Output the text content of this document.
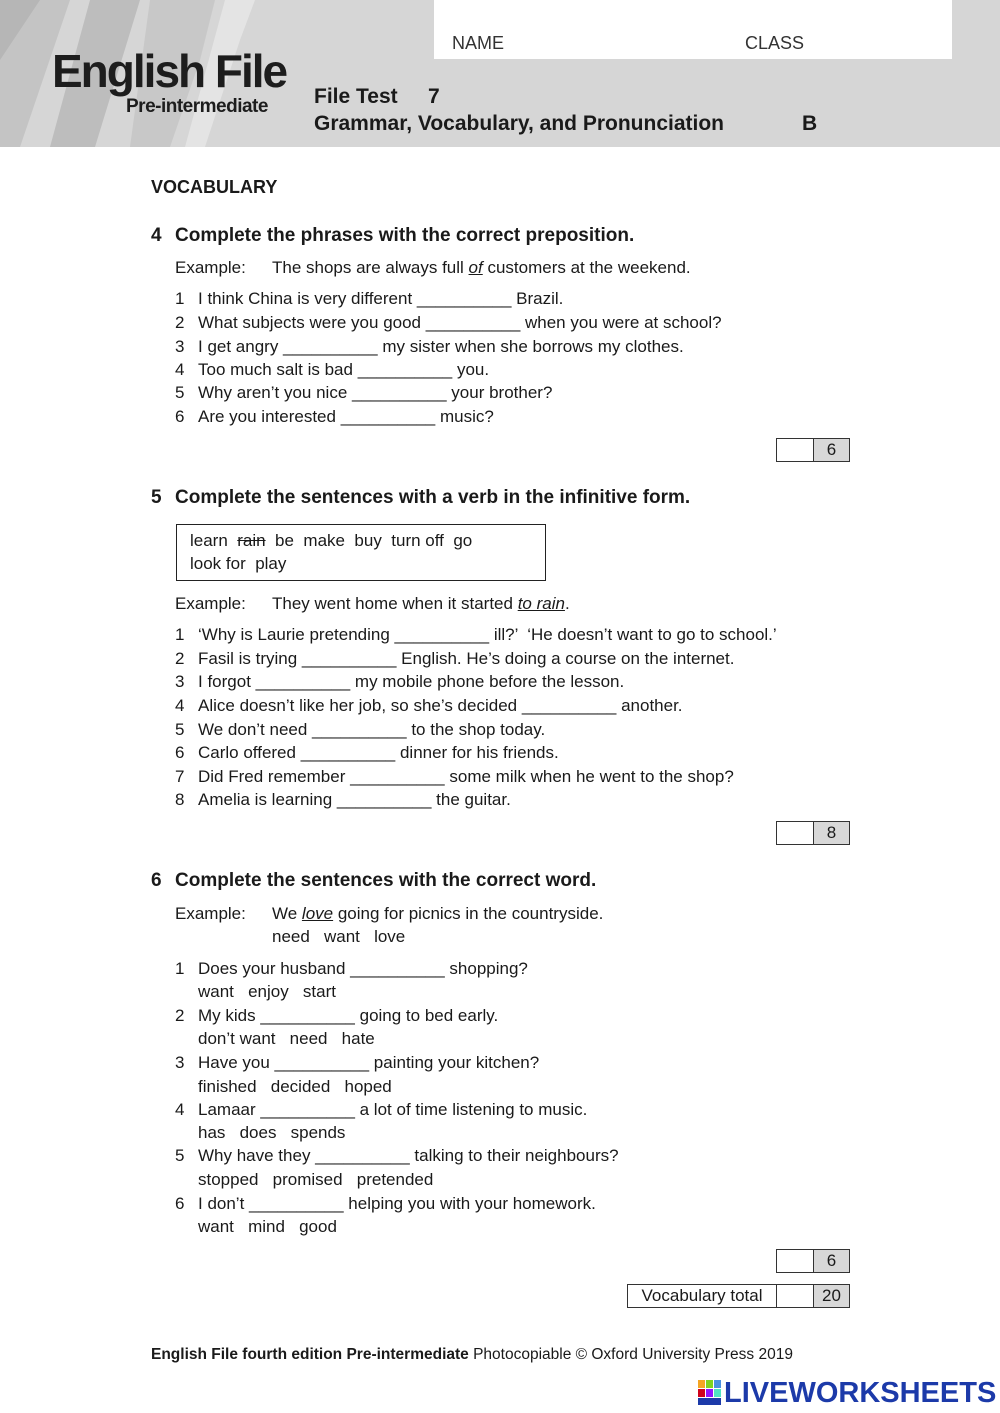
English File
Pre-intermediate
NAME	CLASS
File Test 7
Grammar, Vocabulary, and Pronunciation	B
VOCABULARY
4 Complete the phrases with the correct preposition.
Example: The shops are always full of customers at the weekend.
1 I think China is very different __________ Brazil.
2 What subjects were you good __________ when you were at school?
3 I get angry __________ my sister when she borrows my clothes.
4 Too much salt is bad __________ you.
5 Why aren’t you nice __________ your brother?
6 Are you interested __________ music?
6
5 Complete the sentences with a verb in the infinitive form.
learn  rain  be  make  buy  turn off  go
look for  play
Example: They went home when it started to rain.
1 ‘Why is Laurie pretending __________ ill?’  ‘He doesn’t want to go to school.’
2 Fasil is trying __________ English. He’s doing a course on the internet.
3 I forgot __________ my mobile phone before the lesson.
4 Alice doesn’t like her job, so she’s decided __________ another.
5 We don’t need __________ to the shop today.
6 Carlo offered __________ dinner for his friends.
7 Did Fred remember __________ some milk when he went to the shop?
8 Amelia is learning __________ the guitar.
8
6 Complete the sentences with the correct word.
Example: We love going for picnics in the countryside.
need   want   love
1 Does your husband __________ shopping?
want   enjoy   start
2 My kids __________ going to bed early.
don’t want   need   hate
3 Have you __________ painting your kitchen?
finished   decided   hoped
4 Lamaar __________ a lot of time listening to music.
has   does   spends
5 Why have they __________ talking to their neighbours?
stopped   promised   pretended
6 I don’t __________ helping you with your homework.
want   mind   good
6
Vocabulary total	20
English File fourth edition Pre-intermediate Photocopiable © Oxford University Press 2019
LIVEWORKSHEETS
